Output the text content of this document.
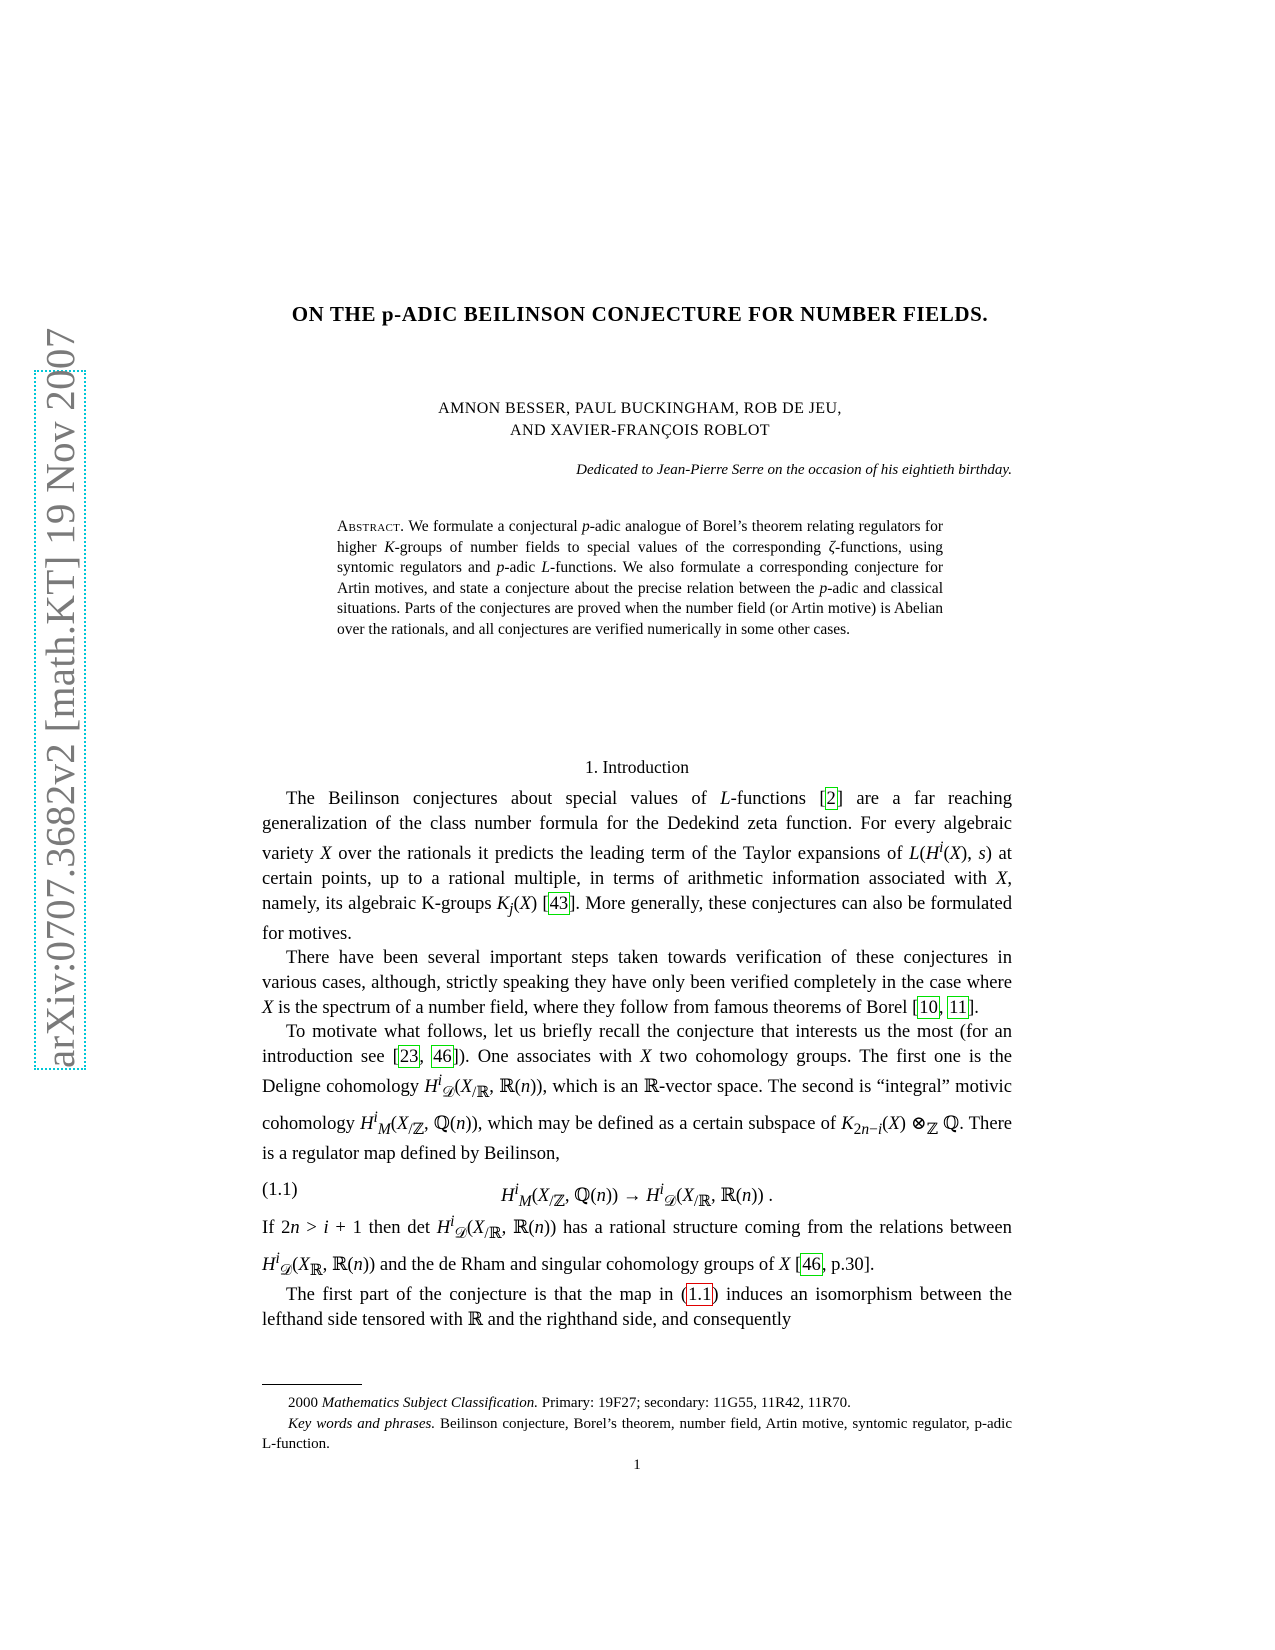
arXiv:0707.3682v2 [math.KT] 19 Nov 2007
ON THE p-ADIC BEILINSON CONJECTURE FOR NUMBER FIELDS.
AMNON BESSER, PAUL BUCKINGHAM, ROB DE JEU,
AND XAVIER-FRANÇOIS ROBLOT
Dedicated to Jean-Pierre Serre on the occasion of his eightieth birthday.
Abstract. We formulate a conjectural p-adic analogue of Borel’s theorem relating regulators for higher K-groups of number fields to special values of the corresponding ζ-functions, using syntomic regulators and p-adic L-functions. We also formulate a corresponding conjecture for Artin motives, and state a conjecture about the precise relation between the p-adic and classical situations. Parts of the conjectures are proved when the number field (or Artin motive) is Abelian over the rationals, and all conjectures are verified numerically in some other cases.
1. Introduction

The Beilinson conjectures about special values of L-functions [2] are a far reaching generalization of the class number formula for the Dedekind zeta function. For every algebraic variety X over the rationals it predicts the leading term of the Taylor expansions of $L(H^i(X)$, s) at certain points, up to a rational multiple, in terms of arithmetic information associated with X, namely, its algebraic K-groups $K_j(X)$ [43]. More generally, these conjectures can also be formulated for motives.

There have been several important steps taken towards verification of these conjectures in various cases, although, strictly speaking they have only been verified completely in the case where X is the spectrum of a number field, where they follow from famous theorems of Borel [10, 11].

To motivate what follows, let us briefly recall the conjecture that interests us the most (for an introduction see [23, 46]). One associates with X two cohomology groups. The first one is the Deligne cohomology $H^i_𝒟(X_{/ℝ}$, ℝ(n)), which is an ℝ-vector space. The second is “integral” motivic cohomology $H^i_M(X_{/ℤ}$, ℚ(n)), which may be defined as a certain subspace of $K_{2n-i}(X)$ $\otimes_ℤ$ ℚ. There is a regulator map defined by Beilinson,

(1.1)	$H^i_M(X_{/ℤ}$, ℚ(n)) → $H^i_𝒟(X_{/ℝ}$, ℝ(n)) .

If 2n > i + 1 then $\det H^i_𝒟(X_{/ℝ}$, ℝ(n)) has a rational structure coming from the relations between $H^i_𝒟(X_ℝ$, ℝ(n)) and the de Rham and singular cohomology groups of X [46, p.30].

The first part of the conjecture is that the map in (1.1) induces an isomorphism between the lefthand side tensored with ℝ and the righthand side, and consequently

2000 Mathematics Subject Classification. Primary: 19F27; secondary: 11G55, 11R42, 11R70.

Key words and phrases. Beilinson conjecture, Borel’s theorem, number field, Artin motive, syntomic regulator, p-adic L-function.

1
